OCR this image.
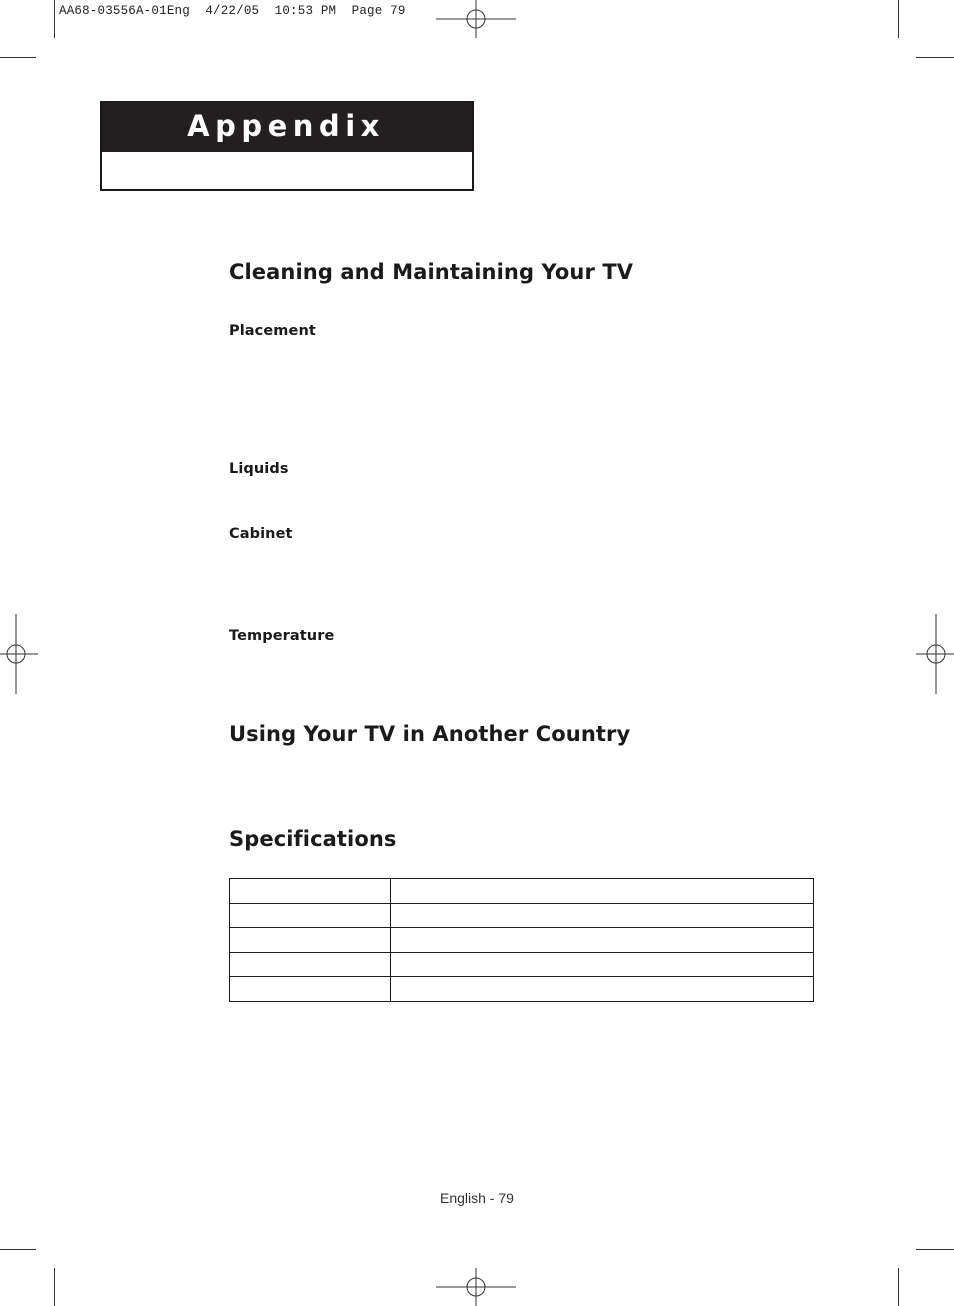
AA68-03556A-01Eng  4/22/05  10:53 PM  Page 79
Appendix
Cleaning and Maintaining Your TV
Placement
Liquids
Cabinet
Temperature
Using Your TV in Another Country
Specifications

English - 79
